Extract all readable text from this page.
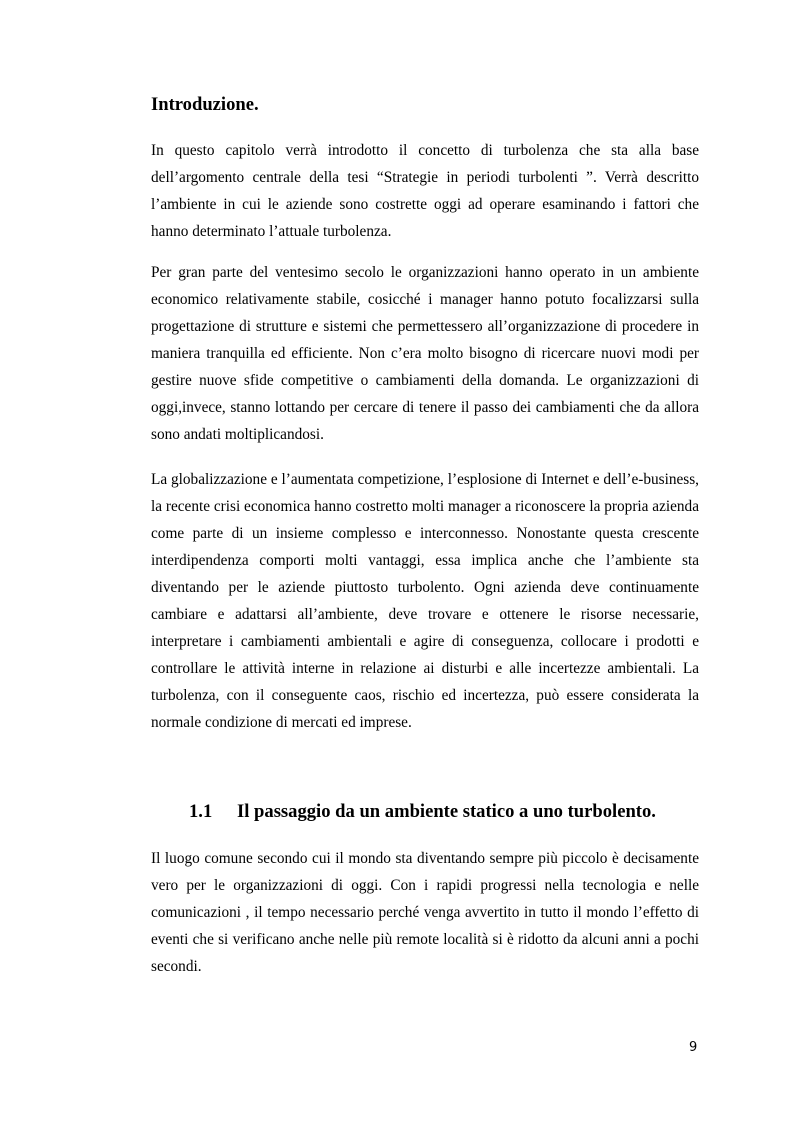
Introduzione.

In questo capitolo verrà introdotto il concetto di turbolenza che sta alla base dell’argomento centrale della tesi “Strategie in periodi turbolenti ”. Verrà descritto l’ambiente in cui le aziende sono costrette oggi ad operare esaminando i fattori che hanno determinato l’attuale turbolenza.

Per gran parte del ventesimo secolo le organizzazioni hanno operato in un ambiente economico relativamente stabile, cosicché i manager hanno potuto focalizzarsi sulla progettazione di strutture e sistemi che permettessero all’organizzazione di procedere in maniera tranquilla ed efficiente. Non c’era molto bisogno di ricercare nuovi modi per gestire nuove sfide competitive o cambiamenti della domanda. Le organizzazioni di oggi,invece, stanno lottando per cercare di tenere il passo dei cambiamenti che da allora sono andati moltiplicandosi.

La globalizzazione e l’aumentata competizione, l’esplosione di Internet e dell’e-business, la recente crisi economica hanno costretto molti manager a riconoscere la propria azienda come parte di un insieme complesso e interconnesso. Nonostante questa crescente interdipendenza comporti molti vantaggi, essa implica anche che l’ambiente sta diventando per le aziende piuttosto turbolento. Ogni azienda deve continuamente cambiare e adattarsi all’ambiente, deve trovare e ottenere le risorse necessarie, interpretare i cambiamenti ambientali e agire di conseguenza, collocare i prodotti e controllare le attività interne in relazione ai disturbi e alle incertezze ambientali. La turbolenza, con il conseguente caos, rischio ed incertezza, può essere considerata la normale condizione di mercati ed imprese.

1.1 Il passaggio da un ambiente statico a uno turbolento.

Il luogo comune secondo cui il mondo sta diventando sempre più piccolo è decisamente vero per le organizzazioni di oggi. Con i rapidi progressi nella tecnologia e nelle comunicazioni , il tempo necessario perché venga avvertito in tutto il mondo l’effetto di eventi che si verificano anche nelle più remote località si è ridotto da alcuni anni a pochi secondi.

9
